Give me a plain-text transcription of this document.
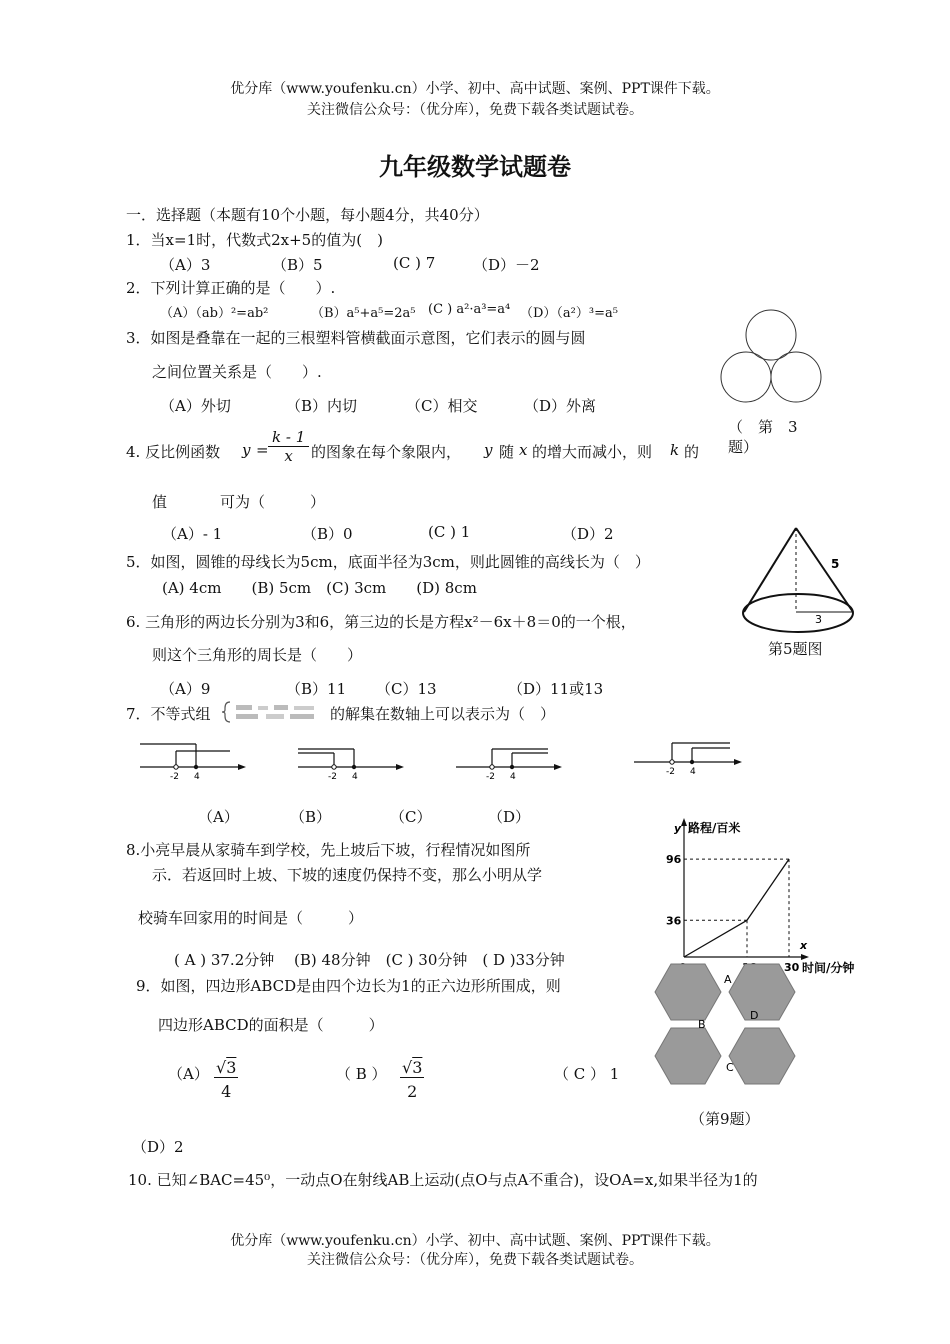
优分库（www.youfenku.cn）小学、初中、高中试题、案例、PPT课件下载。
关注微信公众号：（优分库），免费下载各类试题试卷。
九年级数学试题卷
一．选择题（本题有10个小题，每小题4分，共40分）
1．当x=1时，代数式2x+5的值为(　)
（A）3	（B）5	(C ) 7	（D）－2
2．下列计算正确的是（　　）.
（A）（ab）²=ab²	（B）a⁵+a⁵=2a⁵ (C ) a²·a³=a⁴ （D）（a²）³=a⁵
3．如图是叠靠在一起的三根塑料管横截面示意图，它们表示的圆与圆
之间位置关系是（　　）.
（A）外切	（B）内切	（C）相交	（D）外离
（　第　3
题）
4. 反比例函数 $y = \frac{k - 1}{x}$ 的图象在每个象限内， y 随 x 的增大而减小，则 k 的
值	可为（　　　）
（A）- 1	（B）0	(C ) 1	（D）2
5．如图，圆锥的母线长为5cm，底面半径为3cm，则此圆锥的高线长为（　）
(A) 4cm　　(B) 5cm　(C) 3cm　　(D) 8cm
5
3
第5题图
6. 三角形的两边长分别为3和6，第三边的长是方程x²－6x＋8＝0的一个根，
则这个三角形的周长是（　　）
（A）9	（B）11 （C）13	（D）11或13
7．不等式组	的解集在数轴上可以表示为（　）
-2 4	-2 4	-2 4	-2 4
（A）	（B）	（C）	（D）
8.小亮早晨从家骑车到学校，先上坡后下坡，行程情况如图所
示．若返回时上坡、下坡的速度仍保持不变，那么小明从学
校骑车回家用的时间是（　　　）
( A ) 37.2分钟　 (B) 48分钟　(C ) 30分钟　( D )33分钟
y 路程/百米
x
时间/分钟
36
96
30
9．如图，四边形ABCD是由四个边长为1的正六边形所围成，则
四边形ABCD的面积是（　　　）
$(A) \frac{√3}{4}$	（ B ） $\frac{√3}{2}$	（ C ） 1
（D）2
A
B
C
D
（第9题）
10. 已知∠BAC=45⁰，一动点O在射线AB上运动(点O与点A不重合)，设OA=x,如果半径为1的
优分库（www.youfenku.cn）小学、初中、高中试题、案例、PPT课件下载。
关注微信公众号：（优分库），免费下载各类试题试卷。
